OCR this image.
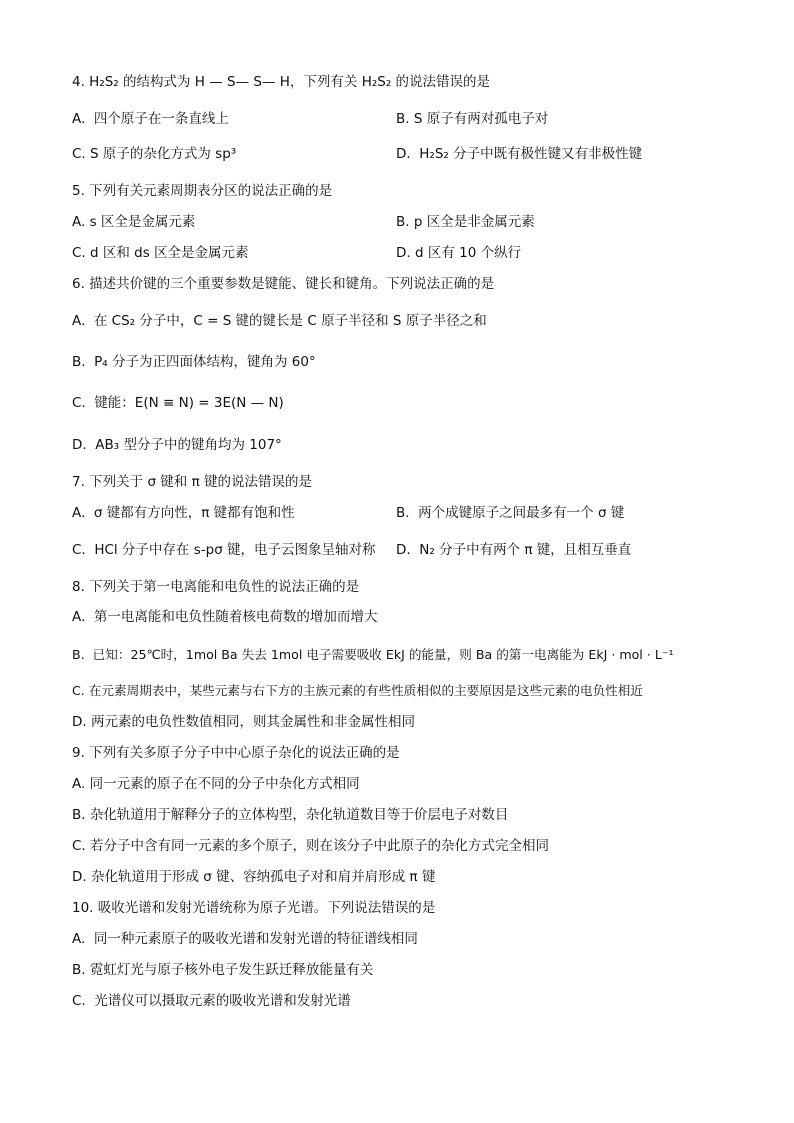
4. H₂S₂ 的结构式为 H — S— S— H，下列有关 H₂S₂ 的说法错误的是
A. 四个原子在一条直线上	B. S 原子有两对孤电子对
C. S 原子的杂化方式为 sp³	D. H₂S₂ 分子中既有极性键又有非极性键
5. 下列有关元素周期表分区的说法正确的是
A. s 区全是金属元素	B. p 区全是非金属元素
C. d 区和 ds 区全是金属元素	D. d 区有 10 个纵行
6. 描述共价键的三个重要参数是键能、键长和键角。下列说法正确的是
A. 在 CS₂ 分子中，C = S 键的键长是 C 原子半径和 S 原子半径之和
B. P₄ 分子为正四面体结构，键角为 60°
C. 键能：E(N ≡ N) = 3E(N — N)
D. AB₃ 型分子中的键角均为 107°
7. 下列关于 σ 键和 π 键的说法错误的是
A. σ 键都有方向性，π 键都有饱和性	B. 两个成键原子之间最多有一个 σ 键
C. HCl 分子中存在 s-pσ 键，电子云图象呈轴对称 D. N₂ 分子中有两个 π 键，且相互垂直
8. 下列关于第一电离能和电负性的说法正确的是
A. 第一电离能和电负性随着核电荷数的增加而增大
B. 已知：25℃时，1mol Ba 失去 1mol 电子需要吸收 EkJ 的能量，则 Ba 的第一电离能为 EkJ · mol · L⁻¹
C. 在元素周期表中，某些元素与右下方的主族元素的有些性质相似的主要原因是这些元素的电负性相近
D. 两元素的电负性数值相同，则其金属性和非金属性相同
9. 下列有关多原子分子中中心原子杂化的说法正确的是
A. 同一元素的原子在不同的分子中杂化方式相同
B. 杂化轨道用于解释分子的立体构型，杂化轨道数目等于价层电子对数目
C. 若分子中含有同一元素的多个原子，则在该分子中此原子的杂化方式完全相同
D. 杂化轨道用于形成 σ 键、容纳孤电子对和肩并肩形成 π 键
10. 吸收光谱和发射光谱统称为原子光谱。下列说法错误的是
A. 同一种元素原子的吸收光谱和发射光谱的特征谱线相同
B. 霓虹灯光与原子核外电子发生跃迁释放能量有关
C. 光谱仪可以摄取元素的吸收光谱和发射光谱
